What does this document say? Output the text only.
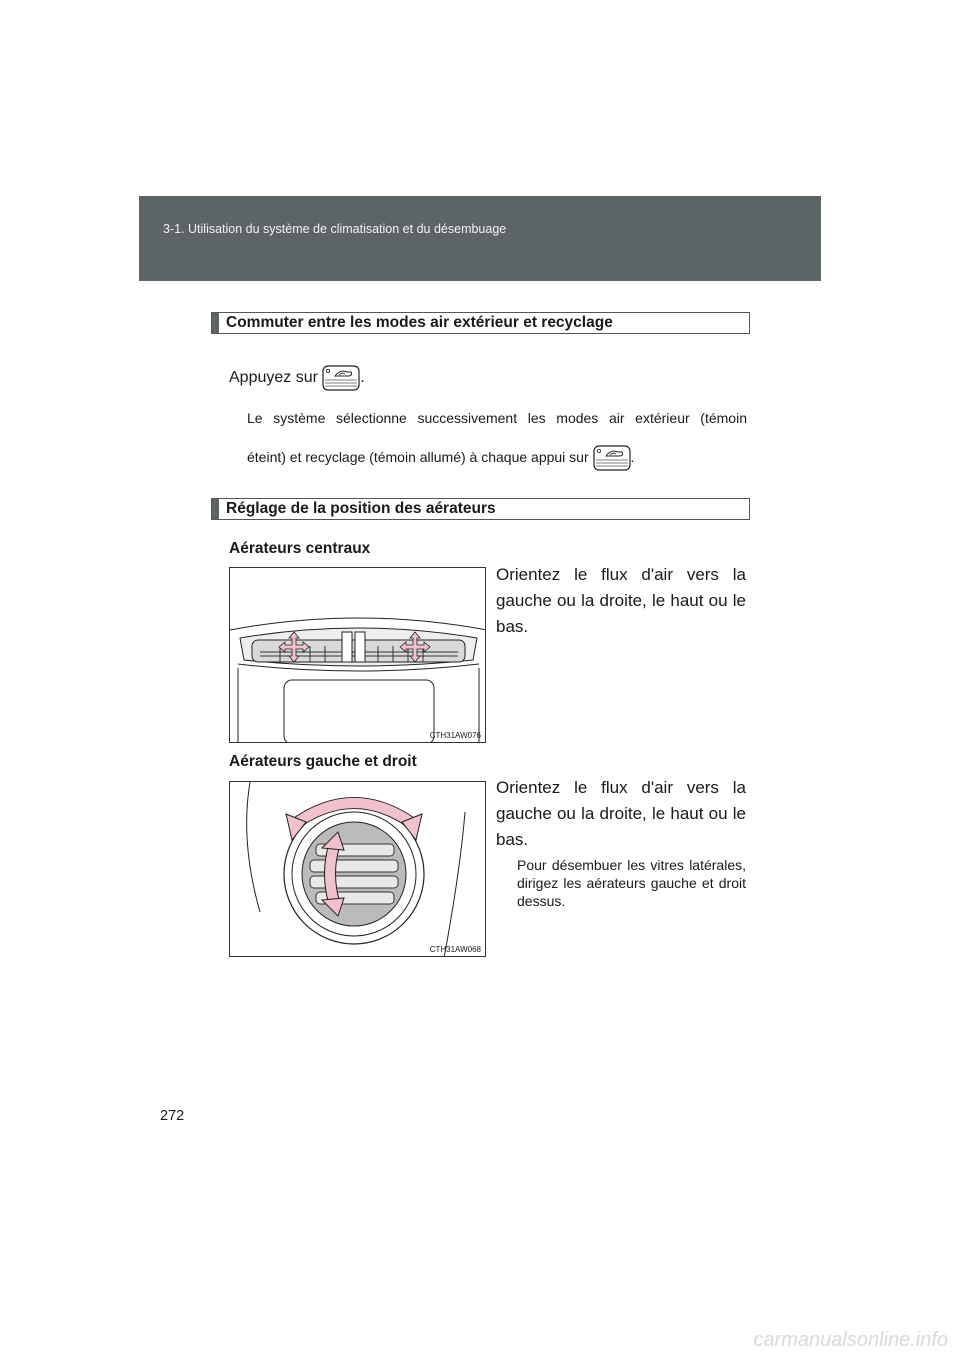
3-1. Utilisation du système de climatisation et du désembuage
Commuter entre les modes air extérieur et recyclage
Appuyez sur	.
Le système sélectionne successivement les modes air extérieur (témoin
éteint) et recyclage (témoin allumé) à chaque appui sur	.
Réglage de la position des aérateurs
Aérateurs centraux
CTH31AW076
Orientez le flux d'air vers la gauche ou la droite, le haut ou le bas.
Aérateurs gauche et droit
CTH31AW068
Orientez le flux d'air vers la gauche ou la droite, le haut ou le bas.
Pour désembuer les vitres latérales, dirigez les aérateurs gauche et droit dessus.
272
carmanualsonline.info
